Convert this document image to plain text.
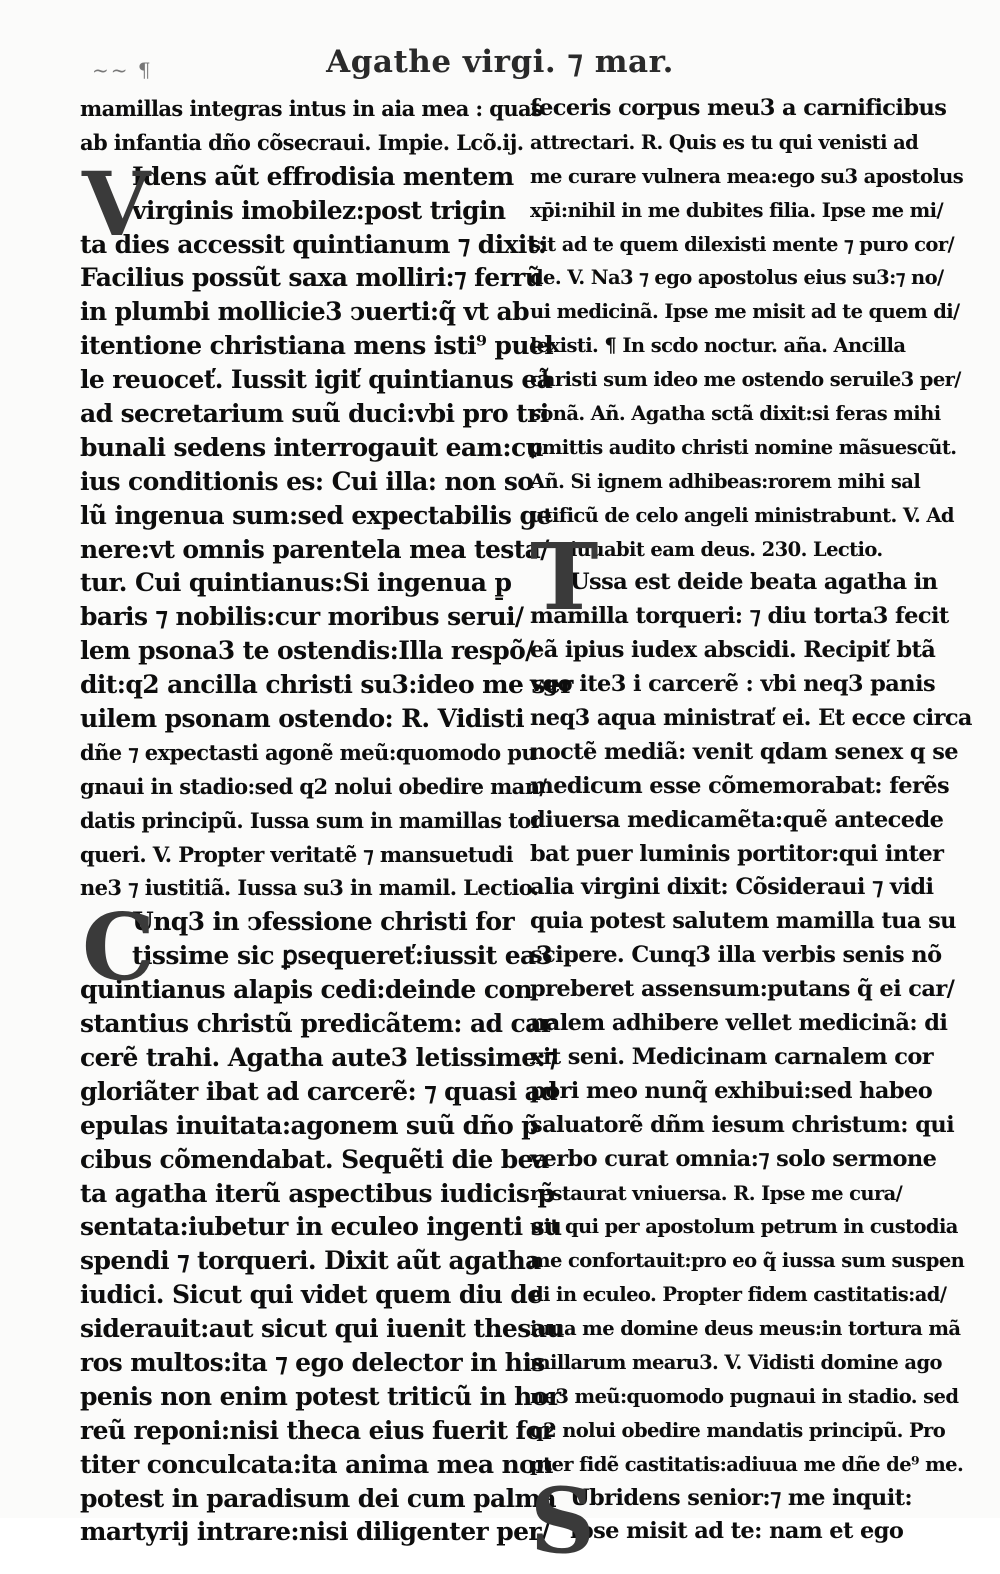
~~ ¶	Agathe virgi. ⁊ mar.
mamillas integras intus in aia mea : quas
ab infantia dño cõsecraui. Impie. Lcõ.ij.
V
Idens aũt effrodisia mentem
virginis imobilez:post trigin
ta dies accessit quintianum ⁊ dixit:
Facilius possũt saxa molliri:⁊ ferrũ
in plumbi mollicie3 ↄuerti:q̃ vt ab
itentione christiana mens isti⁹ puel
le reuoceť. Iussit igiť quintianus eã
ad secretarium suũ duci:vbi pro tri
bunali sedens interrogauit eam:cu
ius conditionis es: Cui illa: non so
lũ ingenua sum:sed expectabilis ge
nere:vt omnis parentela mea testa/
tur. Cui quintianus:Si ingenua p̱
baris ⁊ nobilis:cur moribus serui/
lem psona3 te ostendis:Illa respõ/
dit:q2 ancilla christi su3:ideo me ser
uilem psonam ostendo: R. Vidisti
dñe ⁊ expectasti agonẽ meũ:quomodo pu
gnaui in stadio:sed q2 nolui obedire man/
datis principũ. Iussa sum in mamillas tor
queri. V. Propter veritatẽ ⁊ mansuetudi
ne3 ⁊ iustitiã. Iussa su3 in mamil. Lectio.
C
Unq3 in ↄfessione christi for
tissime sic ꝑsequereť:iussit ea3
quintianus alapis cedi:deinde con
stantius christũ predicãtem: ad car
cerẽ trahi. Agatha aute3 letissime:⁊
gloriãter ibat ad carcerẽ: ⁊ quasi ad
epulas inuitata:agonem suũ dño p̃
cibus cõmendabat. Sequẽti die bea
ta agatha iterũ aspectibus iudicis p̃
sentata:iubetur in eculeo ingenti su
spendi ⁊ torqueri. Dixit aũt agatha
iudici. Sicut qui videt quem diu de
siderauit:aut sicut qui iuenit thesau
ros multos:ita ⁊ ego delector in his
penis non enim potest triticũ in hor
reũ reponi:nisi theca eius fuerit for
titer conculcata:ita anima mea non
potest in paradisum dei cum palma
martyrij intrare:nisi diligenter per/
feceris corpus meu3 a carnificibus
attrectari. R. Quis es tu qui venisti ad
me curare vulnera mea:ego su3 apostolus
xp̄i:nihil in me dubites filia. Ipse me mi/
sit ad te quem dilexisti mente ⁊ puro cor/
de. V. Na3 ⁊ ego apostolus eius su3:⁊ no/
ui medicinã. Ipse me misit ad te quem di/
lexisti. ¶ In scdo noctur. aña. Ancilla
christi sum ideo me ostendo seruile3 per/
sonã. Añ. Agatha sctã dixit:si feras mihi
ꝑmittis audito christi nomine mãsuescũt.
Añ. Si ignem adhibeas:rorem mihi sal
utificũ de celo angeli ministrabunt. V. Ad
T
iuuabit eam deus. 230. Lectio.
Ussa est deide beata agatha in
mamilla torqueri: ⁊ diu torta3 fecit
eã ipius iudex abscidi. Recipiť btã
vgo ite3 i carcerẽ : vbi neq3 panis
neq3 aqua ministrať ei. Et ecce circa
noctẽ mediã: venit qdam senex q se
medicum esse cõmemorabat: ferẽs
diuersa medicamẽta:quẽ antecede
bat puer luminis portitor:qui inter
alia virgini dixit: Cõsideraui ⁊ vidi
quia potest salutem mamilla tua su
scipere. Cunq3 illa verbis senis nõ
preberet assensum:putans q̃ ei car/
nalem adhibere vellet medicinã: di
xit seni. Medicinam carnalem cor
pori meo nunq̃ exhibui:sed habeo
saluatorẽ dñm iesum christum: qui
verbo curat omnia:⁊ solo sermone
restaurat vniuersa. R. Ipse me cura/
uit qui per apostolum petrum in custodia
me confortauit:pro eo q̃ iussa sum suspen
di in eculeo. Propter fidem castitatis:ad/
iuua me domine deus meus:in tortura mã
millarum mearu3. V. Vidisti domine ago
ne3 meũ:quomodo pugnaui in stadio. sed
q2 nolui obedire mandatis principũ. Pro
pter fidẽ castitatis:adiuua me dñe de⁹ me.
S
Ubridens senior:⁊ me inquit:
ipse misit ad te: nam et ego
